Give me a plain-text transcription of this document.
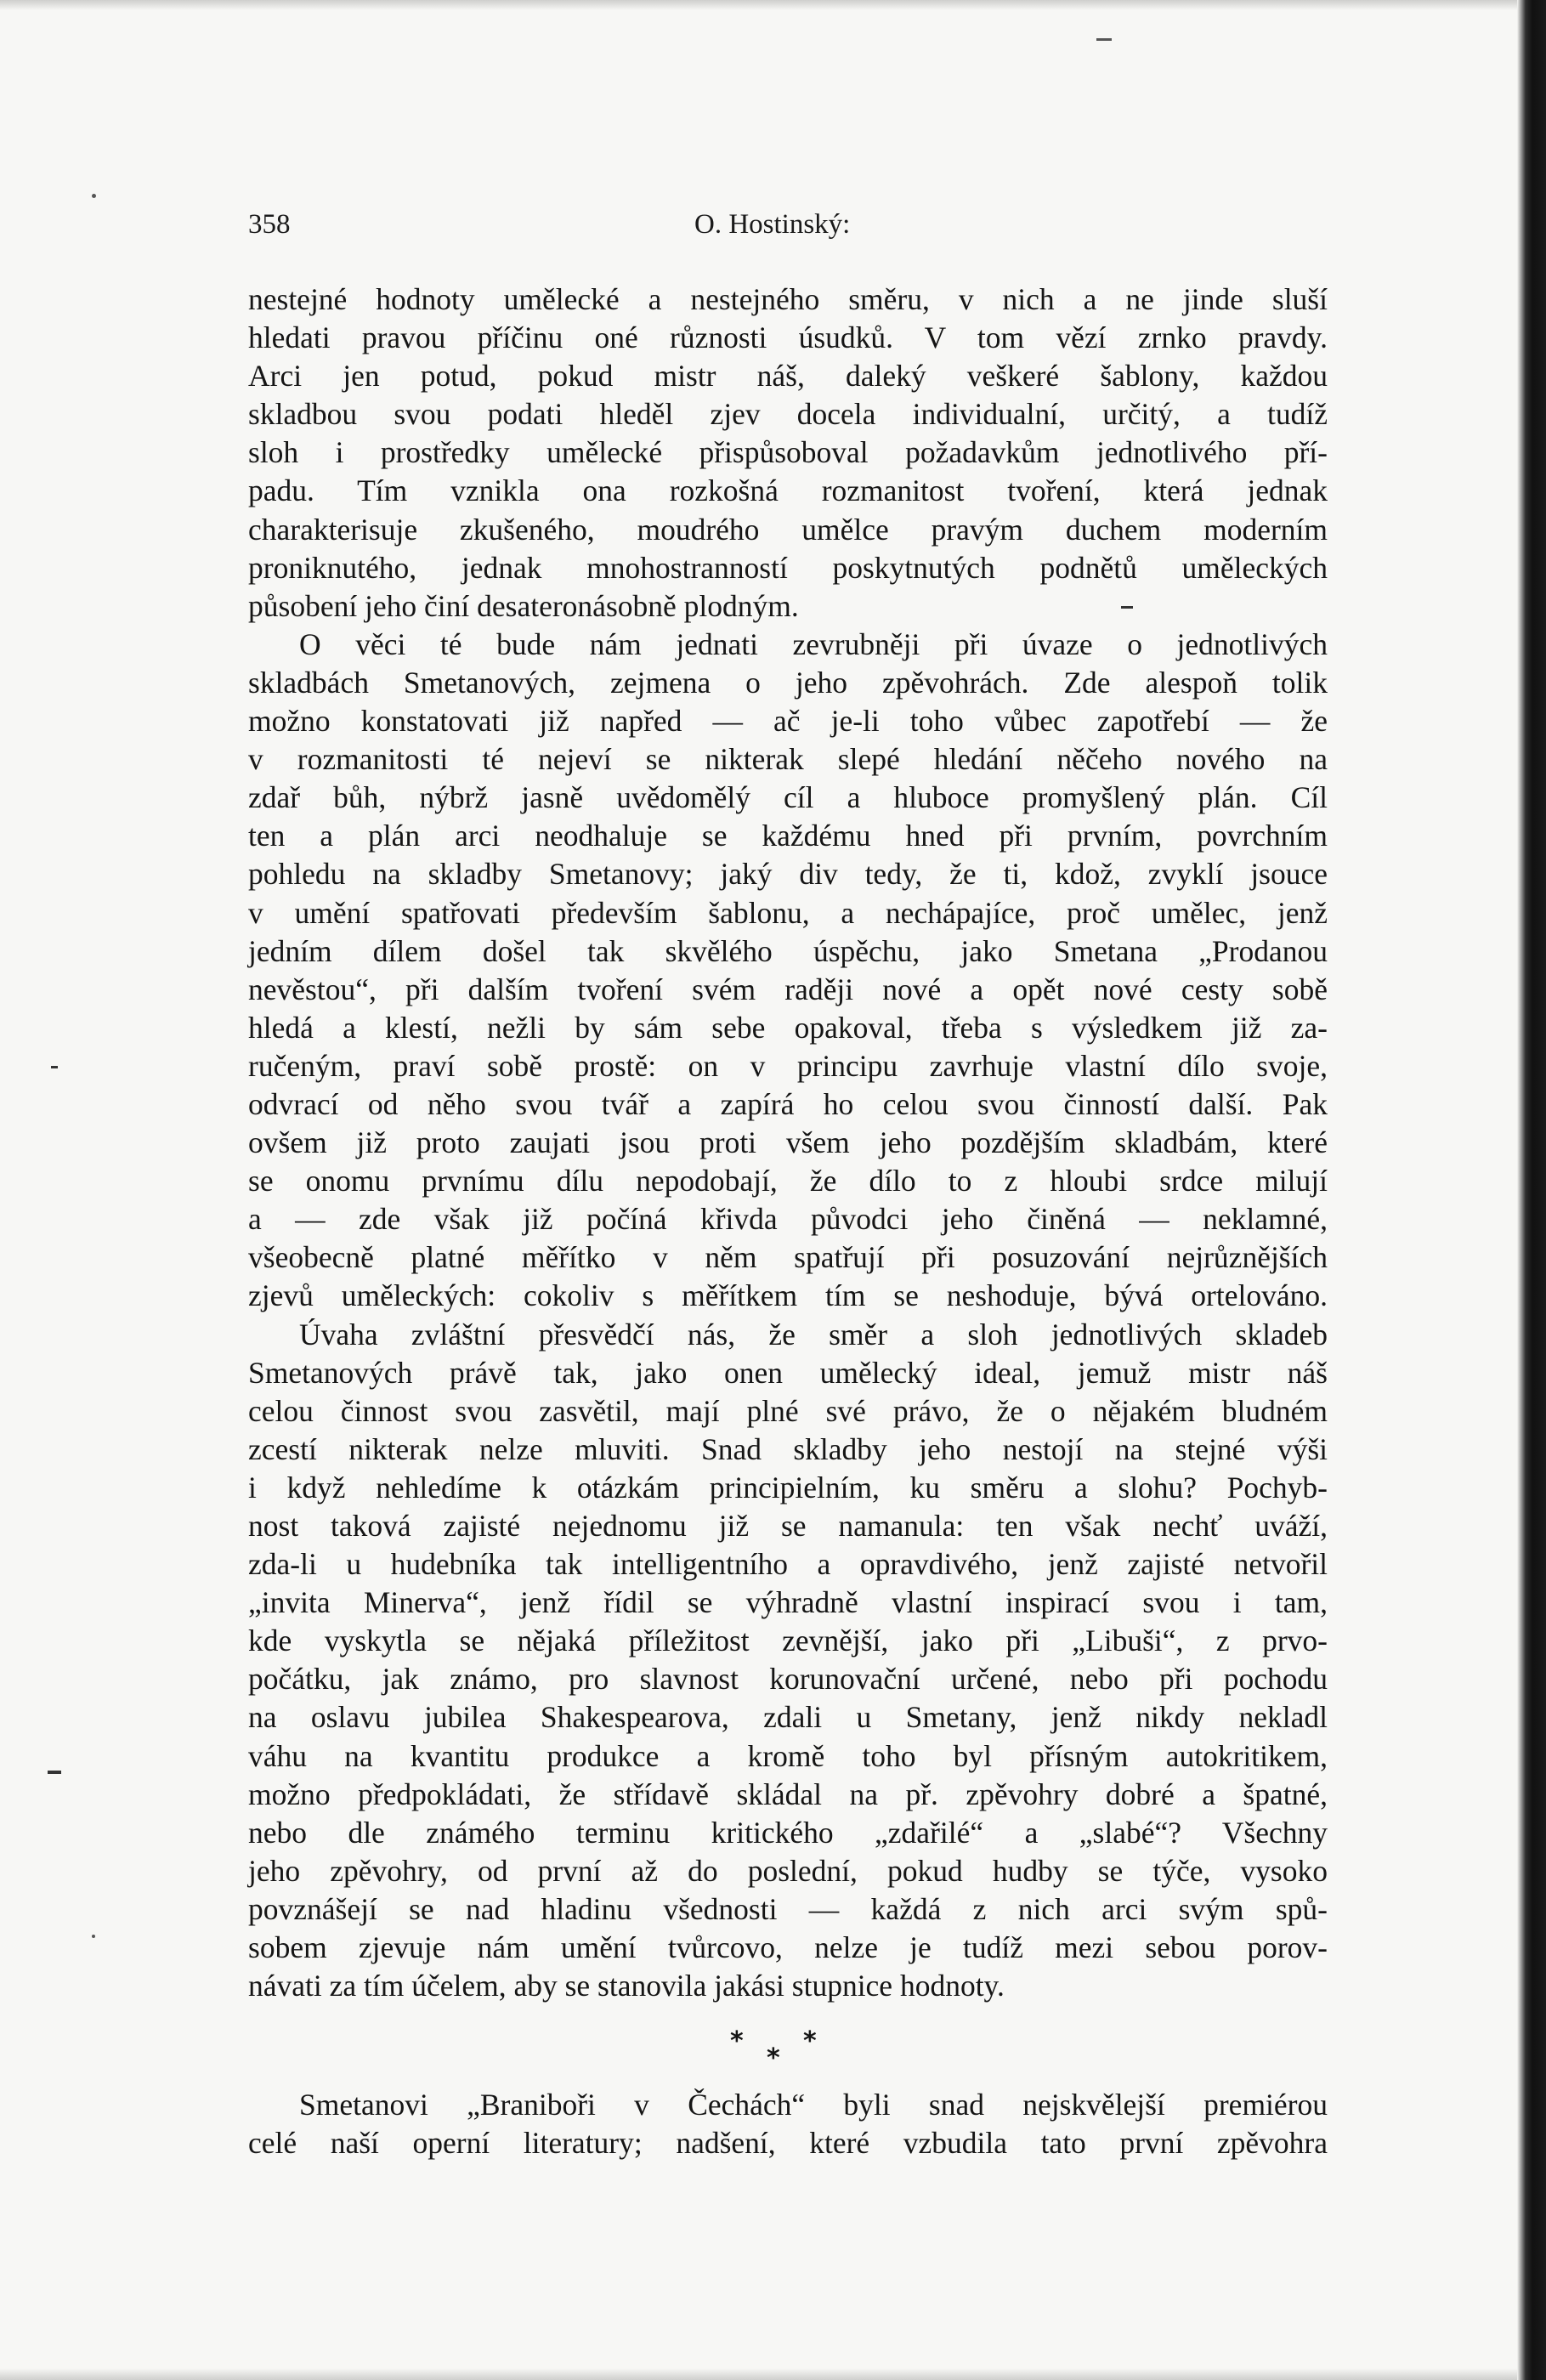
358	O. Hostinský:
nestejné hodnoty umělecké a nestejného směru, v nich a ne jinde sluší
hledati pravou příčinu oné různosti úsudků. V tom vězí zrnko pravdy.
Arci jen potud, pokud mistr náš, daleký veškeré šablony, každou
skladbou svou podati hleděl zjev docela individualní, určitý, a tudíž
sloh i prostředky umělecké přispůsoboval požadavkům jednotlivého pří-
padu. Tím vznikla ona rozkošná rozmanitost tvoření, která jednak
charakterisuje zkušeného, moudrého umělce pravým duchem moderním
proniknutého, jednak mnohostranností poskytnutých podnětů uměleckých
působení jeho činí desateronásobně plodným.
O věci té bude nám jednati zevrubněji při úvaze o jednotlivých
skladbách Smetanových, zejmena o jeho zpěvohrách. Zde alespoň tolik
možno konstatovati již napřed — ač je-li toho vůbec zapotřebí — že
v rozmanitosti té nejeví se nikterak slepé hledání něčeho nového na
zdař bůh, nýbrž jasně uvědomělý cíl a hluboce promyšlený plán. Cíl
ten a plán arci neodhaluje se každému hned při prvním, povrchním
pohledu na skladby Smetanovy; jaký div tedy, že ti, kdož, zvyklí jsouce
v umění spatřovati především šablonu, a nechápajíce, proč umělec, jenž
jedním dílem došel tak skvělého úspěchu, jako Smetana „Prodanou
nevěstou“, při dalším tvoření svém raději nové a opět nové cesty sobě
hledá a klestí, nežli by sám sebe opakoval, třeba s výsledkem již za-
ručeným, praví sobě prostě: on v principu zavrhuje vlastní dílo svoje,
odvrací od něho svou tvář a zapírá ho celou svou činností další. Pak
ovšem již proto zaujati jsou proti všem jeho pozdějším skladbám, které
se onomu prvnímu dílu nepodobají, že dílo to z hloubi srdce milují
a — zde však již počíná křivda původci jeho činěná — neklamné,
všeobecně platné měřítko v něm spatřují při posuzování nejrůznějších
zjevů uměleckých: cokoliv s měřítkem tím se neshoduje, bývá ortelováno.
Úvaha zvláštní přesvědčí nás, že směr a sloh jednotlivých skladeb
Smetanových právě tak, jako onen umělecký ideal, jemuž mistr náš
celou činnost svou zasvětil, mají plné své právo, že o nějakém bludném
zcestí nikterak nelze mluviti. Snad skladby jeho nestojí na stejné výši
i když nehledíme k otázkám principielním, ku směru a slohu? Pochyb-
nost taková zajisté nejednomu již se namanula: ten však nechť uváží,
zda-li u hudebníka tak intelligentního a opravdivého, jenž zajisté netvořil
„invita Minerva“, jenž řídil se výhradně vlastní inspirací svou i tam,
kde vyskytla se nějaká příležitost zevnější, jako při „Libuši“, z prvo-
počátku, jak známo, pro slavnost korunovační určené, nebo při pochodu
na oslavu jubilea Shakespearova, zdali u Smetany, jenž nikdy nekladl
váhu na kvantitu produkce a kromě toho byl přísným autokritikem,
možno předpokládati, že střídavě skládal na př. zpěvohry dobré a špatné,
nebo dle známého terminu kritického „zdařilé“ a „slabé“? Všechny
jeho zpěvohry, od první až do poslední, pokud hudby se týče, vysoko
povznášejí se nad hladinu všednosti — každá z nich arci svým spů-
sobem zjevuje nám umění tvůrcovo, nelze je tudíž mezi sebou porov-
návati za tím účelem, aby se stanovila jakási stupnice hodnoty.
*
*
*
Smetanovi „Braniboři v Čechách“ byli snad nejskvělejší premiérou
celé naší operní literatury; nadšení, které vzbudila tato první zpěvohra
